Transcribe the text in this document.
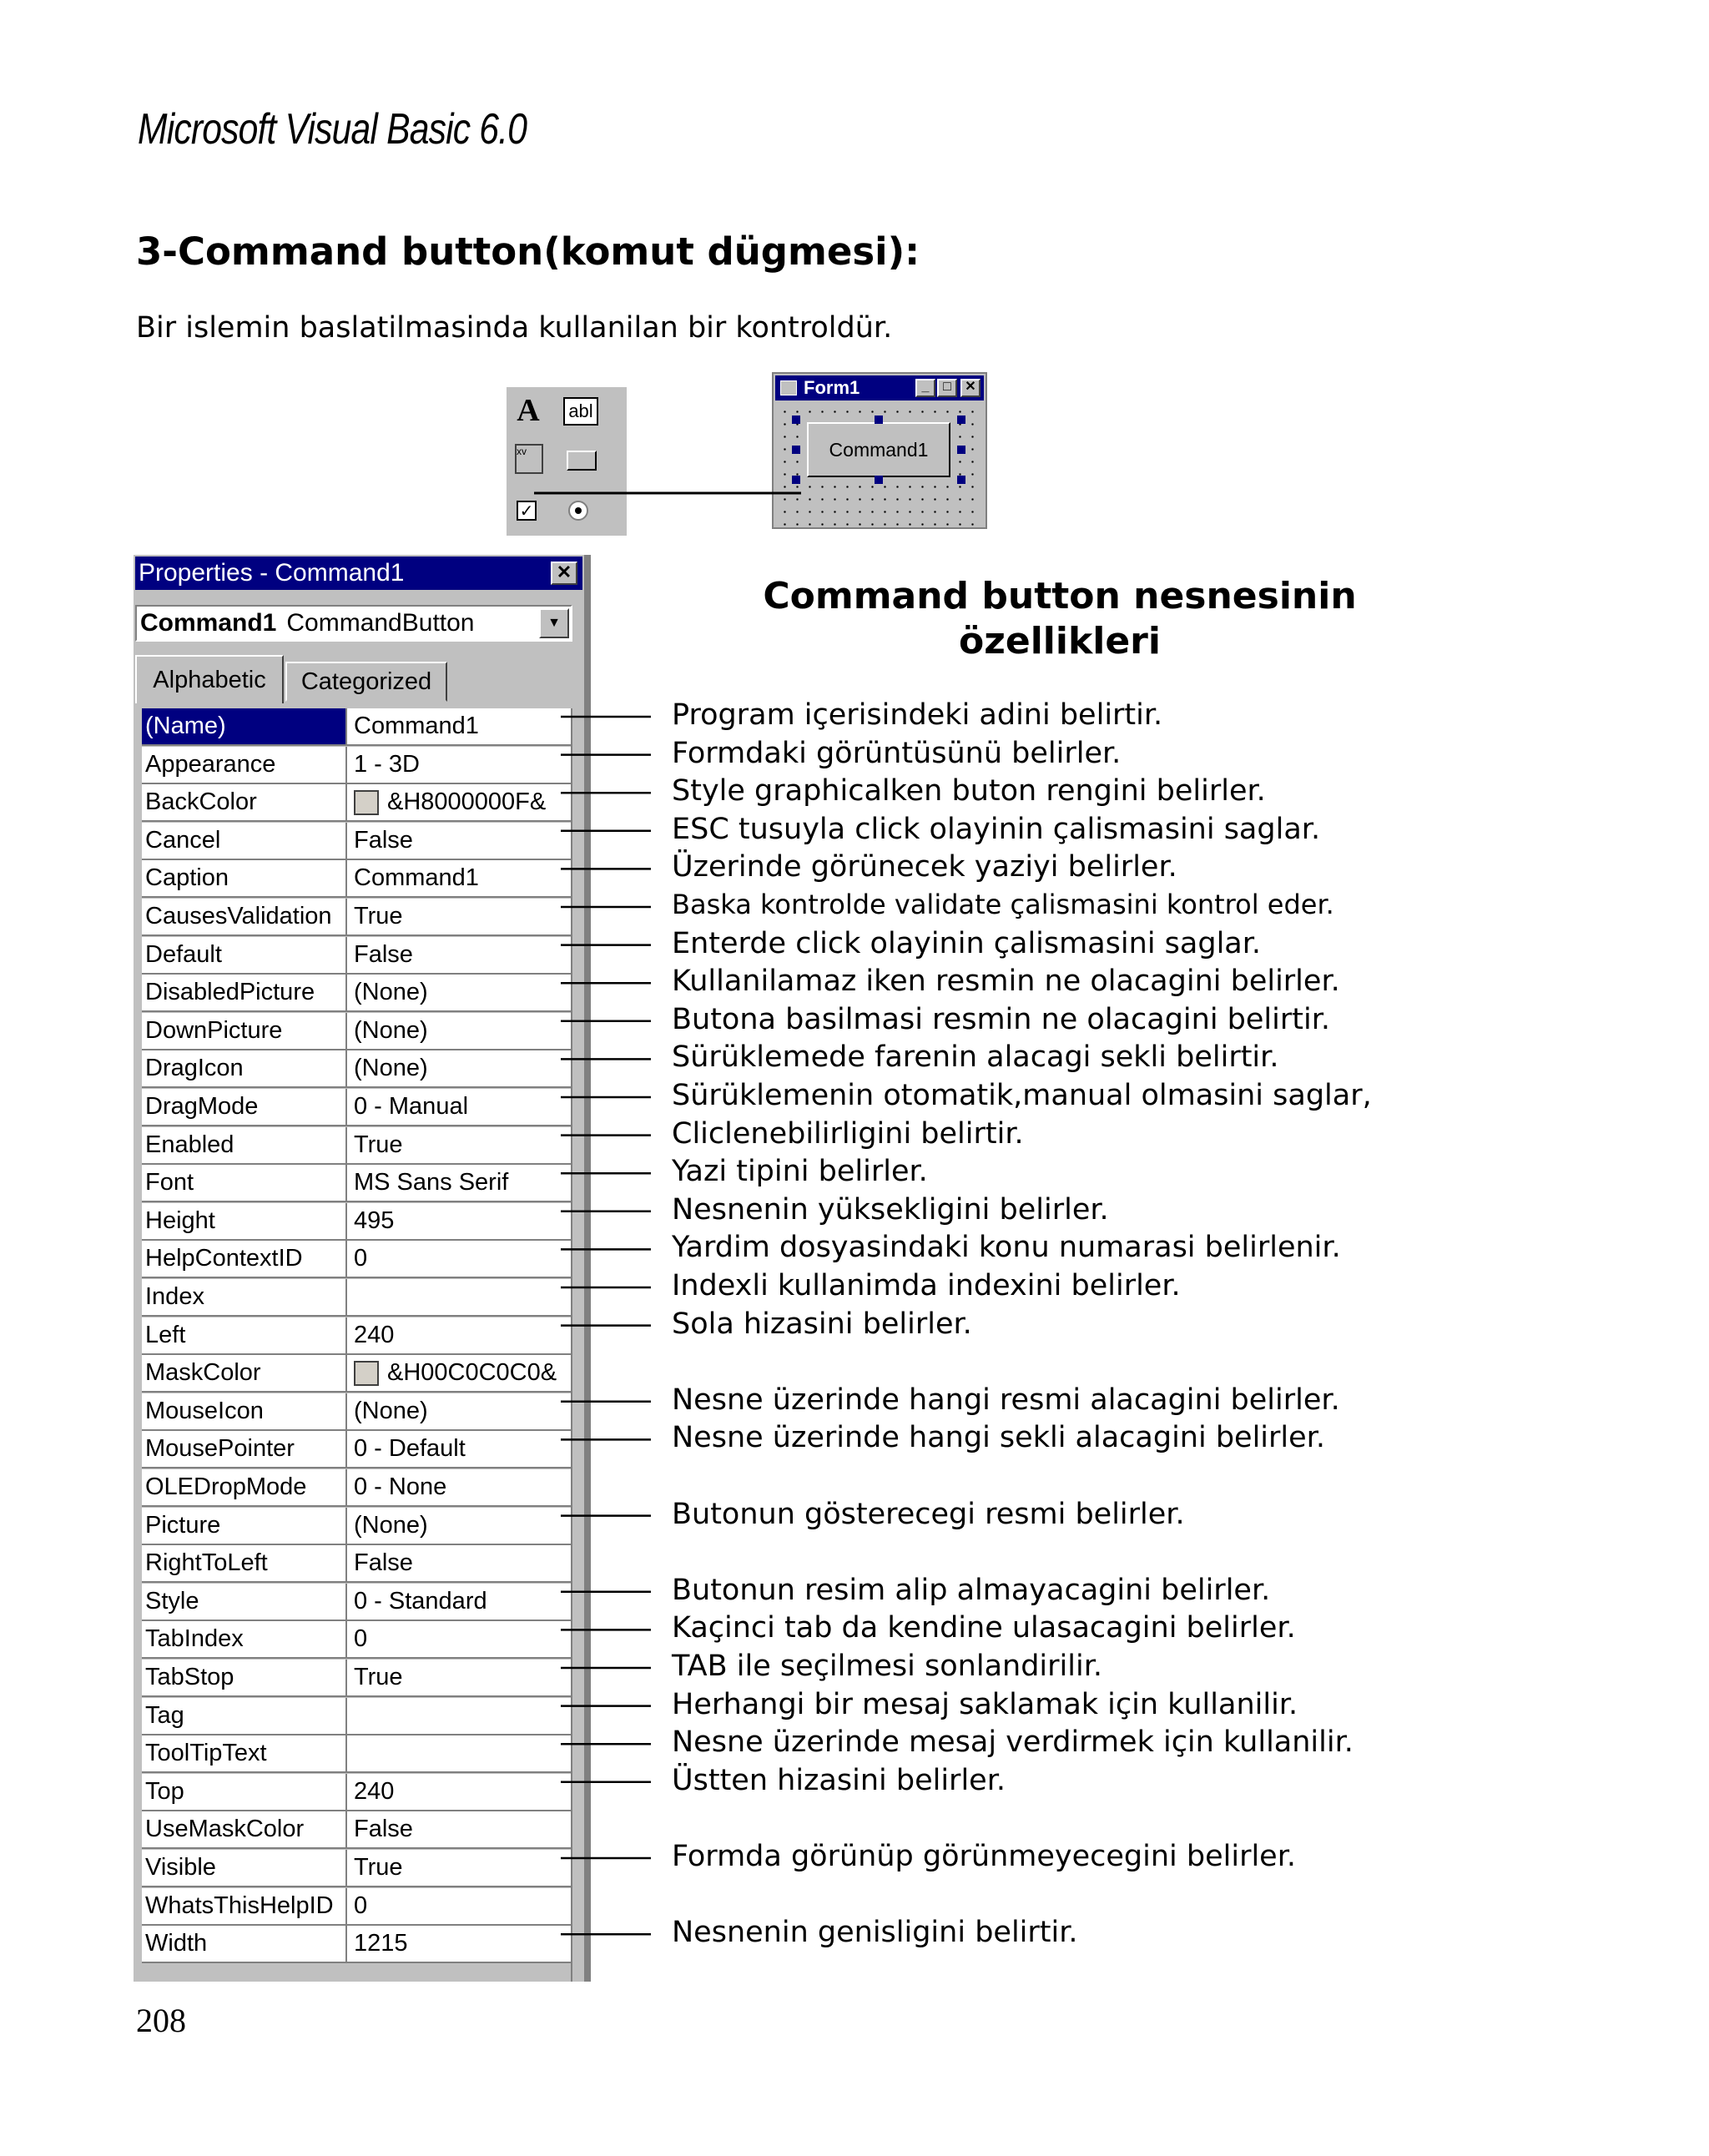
Microsoft Visual Basic 6.0
3-Command button(komut dügmesi):
Bir islemin baslatilmasinda kullanilan bir kontroldür.
A abl
xv
✓
Form1	_	□	✕
Command1
Properties - Command1	✕
Command1 CommandButton	▼
Alphabetic	Categorized
(Name)	Command1
Appearance	1 - 3D
BackColor	&H8000000F&
Cancel	False
Caption	Command1
CausesValidation True
Default	False
DisabledPicture	(None)
DownPicture	(None)
DragIcon	(None)
DragMode	0 - Manual
Enabled	True
Font	MS Sans Serif
Height	495
HelpContextID	0
Index
Left	240
MaskColor	&H00C0C0C0&
MouseIcon	(None)
MousePointer	0 - Default
OLEDropMode	0 - None
Picture	(None)
RightToLeft	False
Style	0 - Standard
TabIndex	0
TabStop	True
Tag
ToolTipText
Top	240
UseMaskColor	False
Visible	True
WhatsThisHelpID 0
Width	1215
Command button nesnesinin özellikleri
Program içerisindeki adini belirtir.
Formdaki görüntüsünü belirler.
Style graphicalken buton rengini belirler.
ESC tusuyla click olayinin çalismasini saglar.
Üzerinde görünecek yaziyi belirler.
Baska kontrolde validate çalismasini kontrol eder.
Enterde click olayinin çalismasini saglar.
Kullanilamaz iken resmin ne olacagini belirler.
Butona basilmasi resmin ne olacagini belirtir.
Sürüklemede farenin alacagi sekli belirtir.
Sürüklemenin otomatik,manual olmasini saglar,
Cliclenebilirligini belirtir.
Yazi tipini belirler.
Nesnenin yüksekligini belirler.
Yardim dosyasindaki konu numarasi belirlenir.
Indexli kullanimda indexini belirler.
Sola hizasini belirler.
Nesne üzerinde hangi resmi alacagini belirler.
Nesne üzerinde hangi sekli alacagini belirler.
Butonun gösterecegi resmi belirler.
Butonun resim alip almayacagini belirler.
Kaçinci tab da kendine ulasacagini belirler.
TAB ile seçilmesi sonlandirilir.
Herhangi bir mesaj saklamak için kullanilir.
Nesne üzerinde mesaj verdirmek için kullanilir.
Üstten hizasini belirler.
Formda görünüp görünmeyecegini belirler.
Nesnenin genisligini belirtir.
208
